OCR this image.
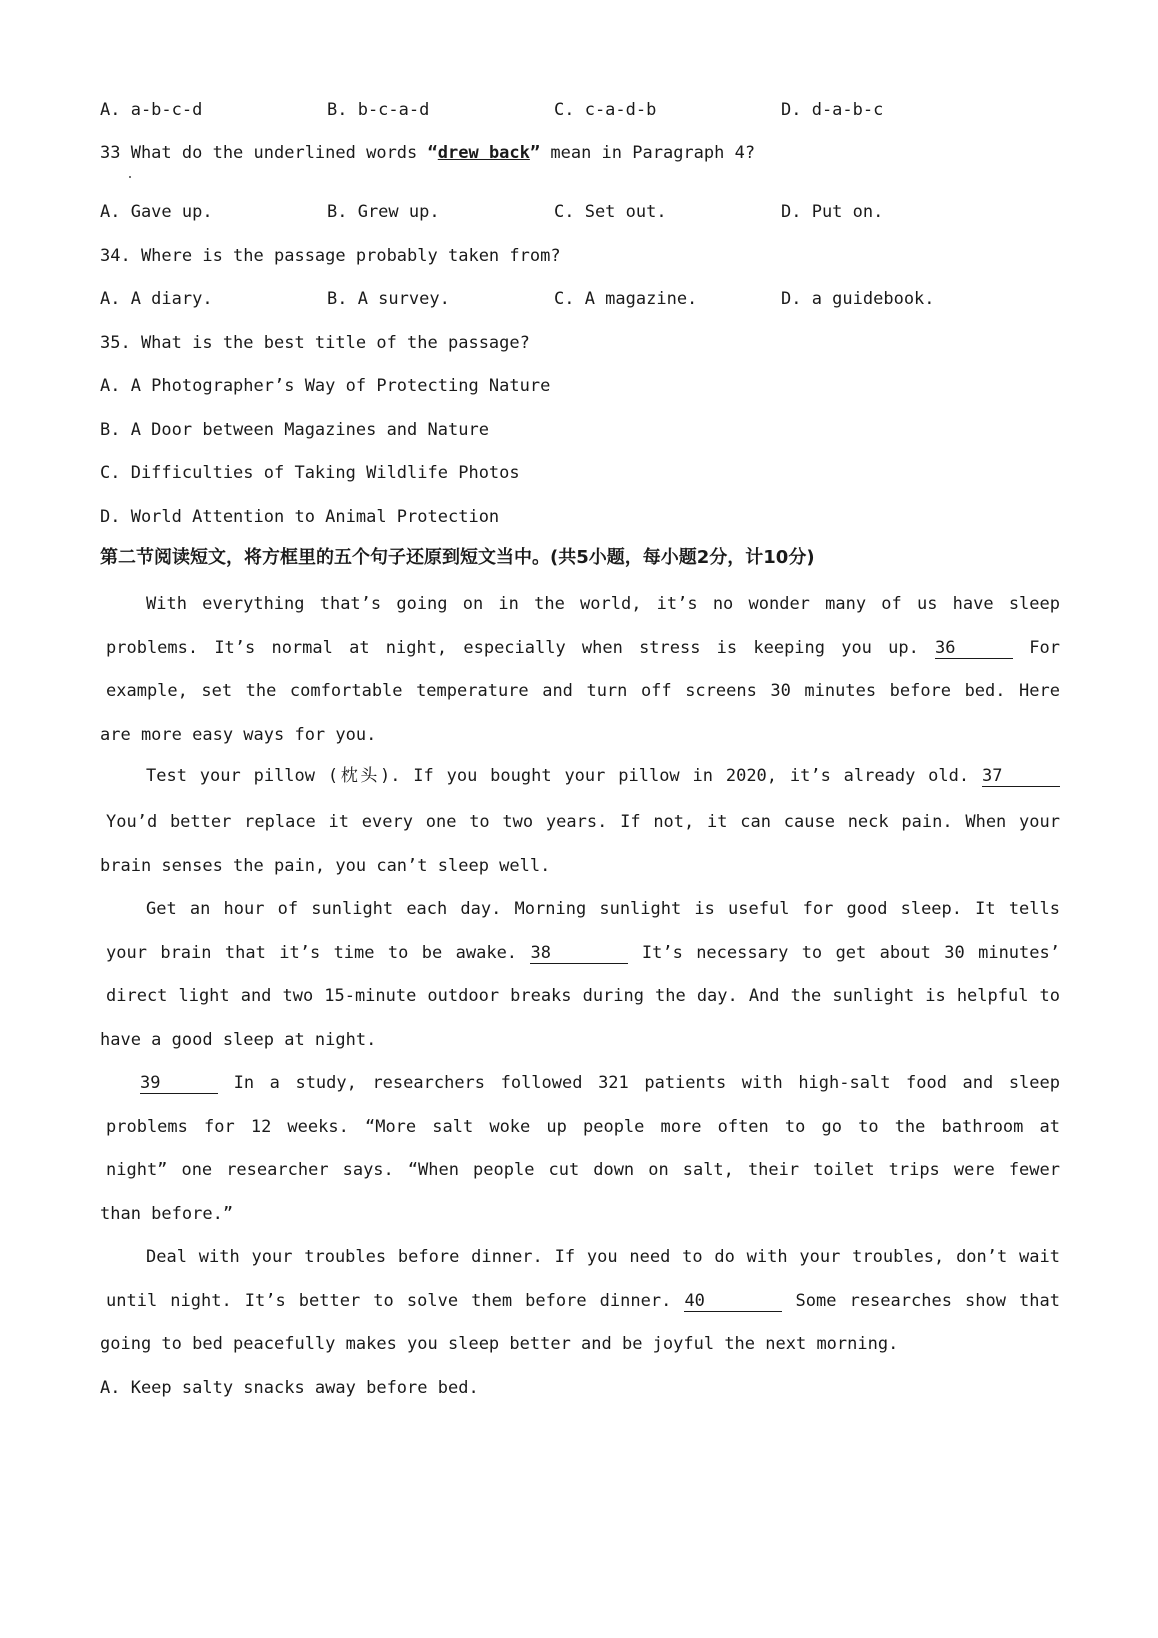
A. a-b-c-d	B. b-c-a-d	C. c-a-d-b	D. d-a-b-c
33 What do the underlined words “drew back” mean in Paragraph 4?
A. Gave up.	B. Grew up.	C. Set out.	D. Put on.
34. Where is the passage probably taken from?
A. A diary.	B. A survey.	C. A magazine.	D. a guidebook.
35. What is the best title of the passage?
A. A Photographer’s Way of Protecting Nature
B. A Door between Magazines and Nature
C. Difficulties of Taking Wildlife Photos
D. World Attention to Animal Protection
第二节阅读短文，将方框里的五个句子还原到短文当中。(共5小题，每小题2分，计10分)
With everything that’s going on in the world, it’s no wonder many of us have sleep
problems. It’s normal at night, especially when stress is keeping you up. 36	For
example, set the comfortable temperature and turn off screens 30 minutes before bed. Here
are more easy ways for you.
Test your pillow (枕头). If you bought your pillow in 2020, it’s already old. 37
You’d better replace it every one to two years. If not, it can cause neck pain. When your
brain senses the pain, you can’t sleep well.
Get an hour of sunlight each day. Morning sunlight is useful for good sleep. It tells
your brain that it’s time to be awake. 38	It’s necessary to get about 30 minutes’
direct light and two 15-minute outdoor breaks during the day. And the sunlight is helpful to
have a good sleep at night.
39	In a study, researchers followed 321 patients with high-salt food and sleep
problems for 12 weeks. “More salt woke up people more often to go to the bathroom at
night” one researcher says. “When people cut down on salt, their toilet trips were fewer
than before.”
Deal with your troubles before dinner. If you need to do with your troubles, don’t wait
until night. It’s better to solve them before dinner. 40	Some researches show that
going to bed peacefully makes you sleep better and be joyful the next morning.
A. Keep salty snacks away before bed.
